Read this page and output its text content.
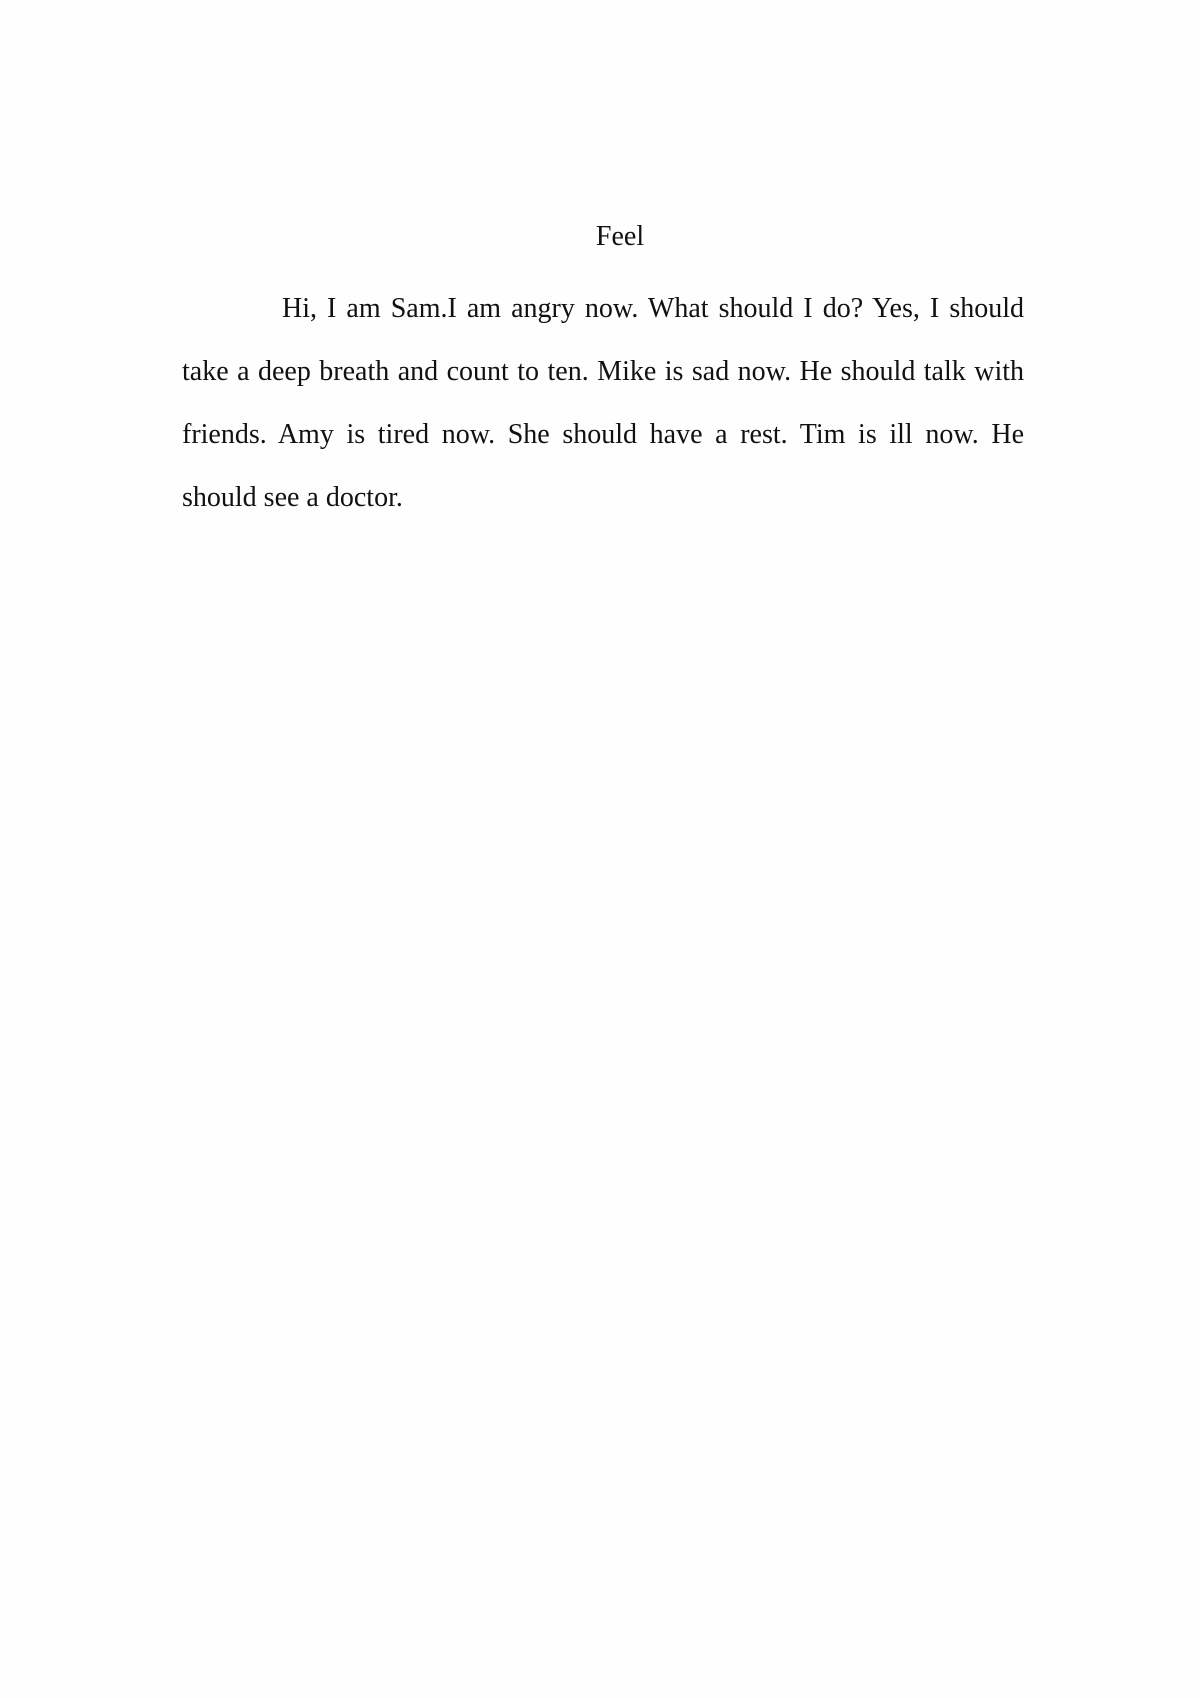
Feel

Hi, I am Sam.I am angry now. What should I do? Yes, I should take a deep breath and count to ten. Mike is sad now. He should talk with friends. Amy is tired now. She should have a rest. Tim is ill now. He should see a doctor.
